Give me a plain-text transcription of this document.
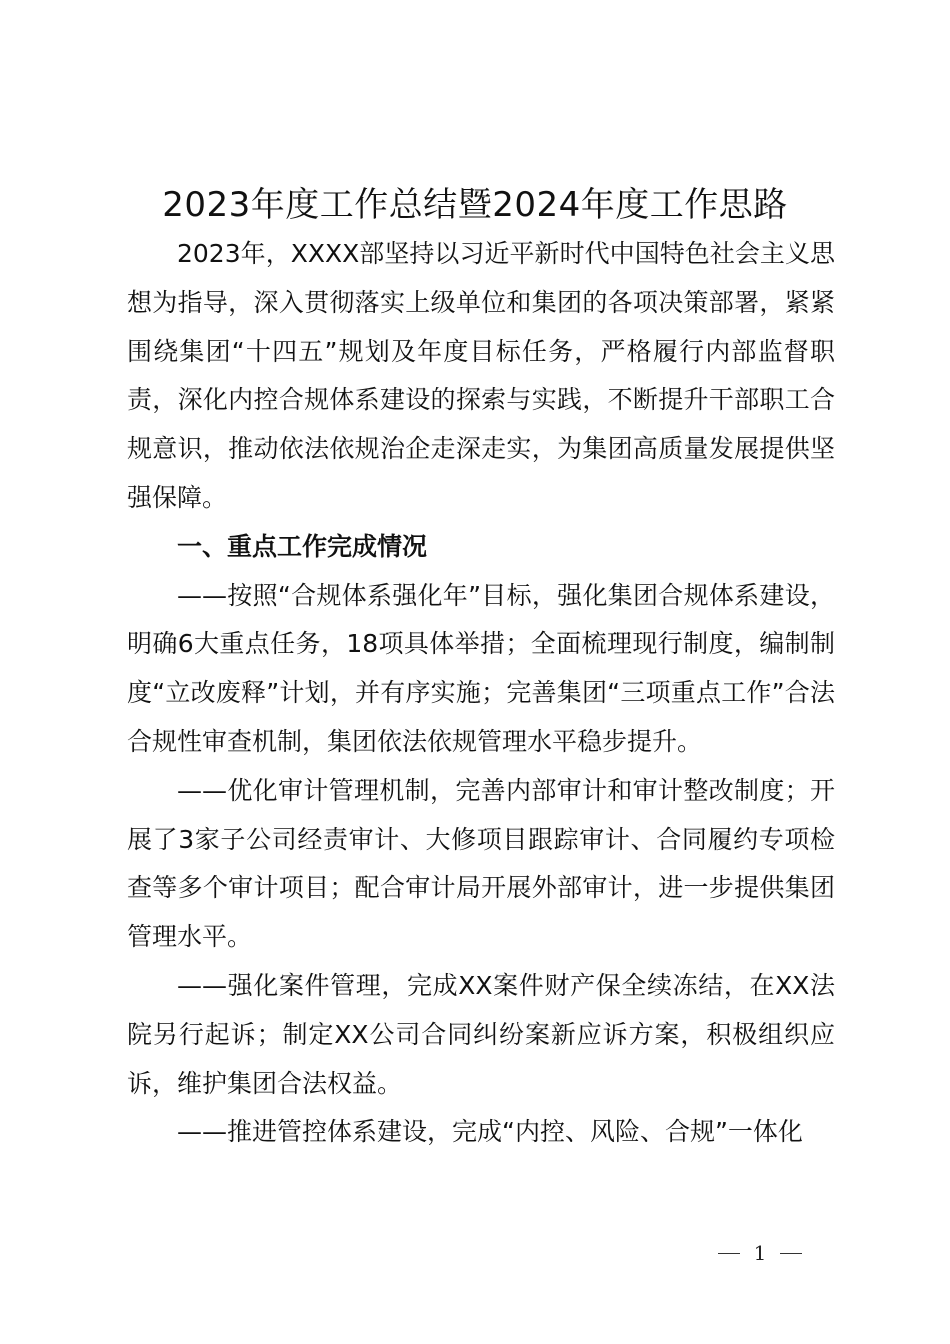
2023年度工作总结暨2024年度工作思路

2023年，XXXX部坚持以习近平新时代中国特色社会主义思想为指导，深入贯彻落实上级单位和集团的各项决策部署，紧紧围绕集团“十四五”规划及年度目标任务，严格履行内部监督职责，深化内控合规体系建设的探索与实践，不断提升干部职工合规意识，推动依法依规治企走深走实，为集团高质量发展提供坚强保障。

一、重点工作完成情况

——按照“合规体系强化年”目标，强化集团合规体系建设，明确6大重点任务，18项具体举措；全面梳理现行制度，编制制度“立改废释”计划，并有序实施；完善集团“三项重点工作”合法合规性审查机制，集团依法依规管理水平稳步提升。

——优化审计管理机制，完善内部审计和审计整改制度；开展了3家子公司经责审计、大修项目跟踪审计、合同履约专项检查等多个审计项目；配合审计局开展外部审计，进一步提供集团管理水平。

——强化案件管理，完成XX案件财产保全续冻结，在XX法院另行起诉；制定XX公司合同纠纷案新应诉方案，积极组织应诉，维护集团合法权益。

——推进管控体系建设，完成“内控、风险、合规”一体化

1
